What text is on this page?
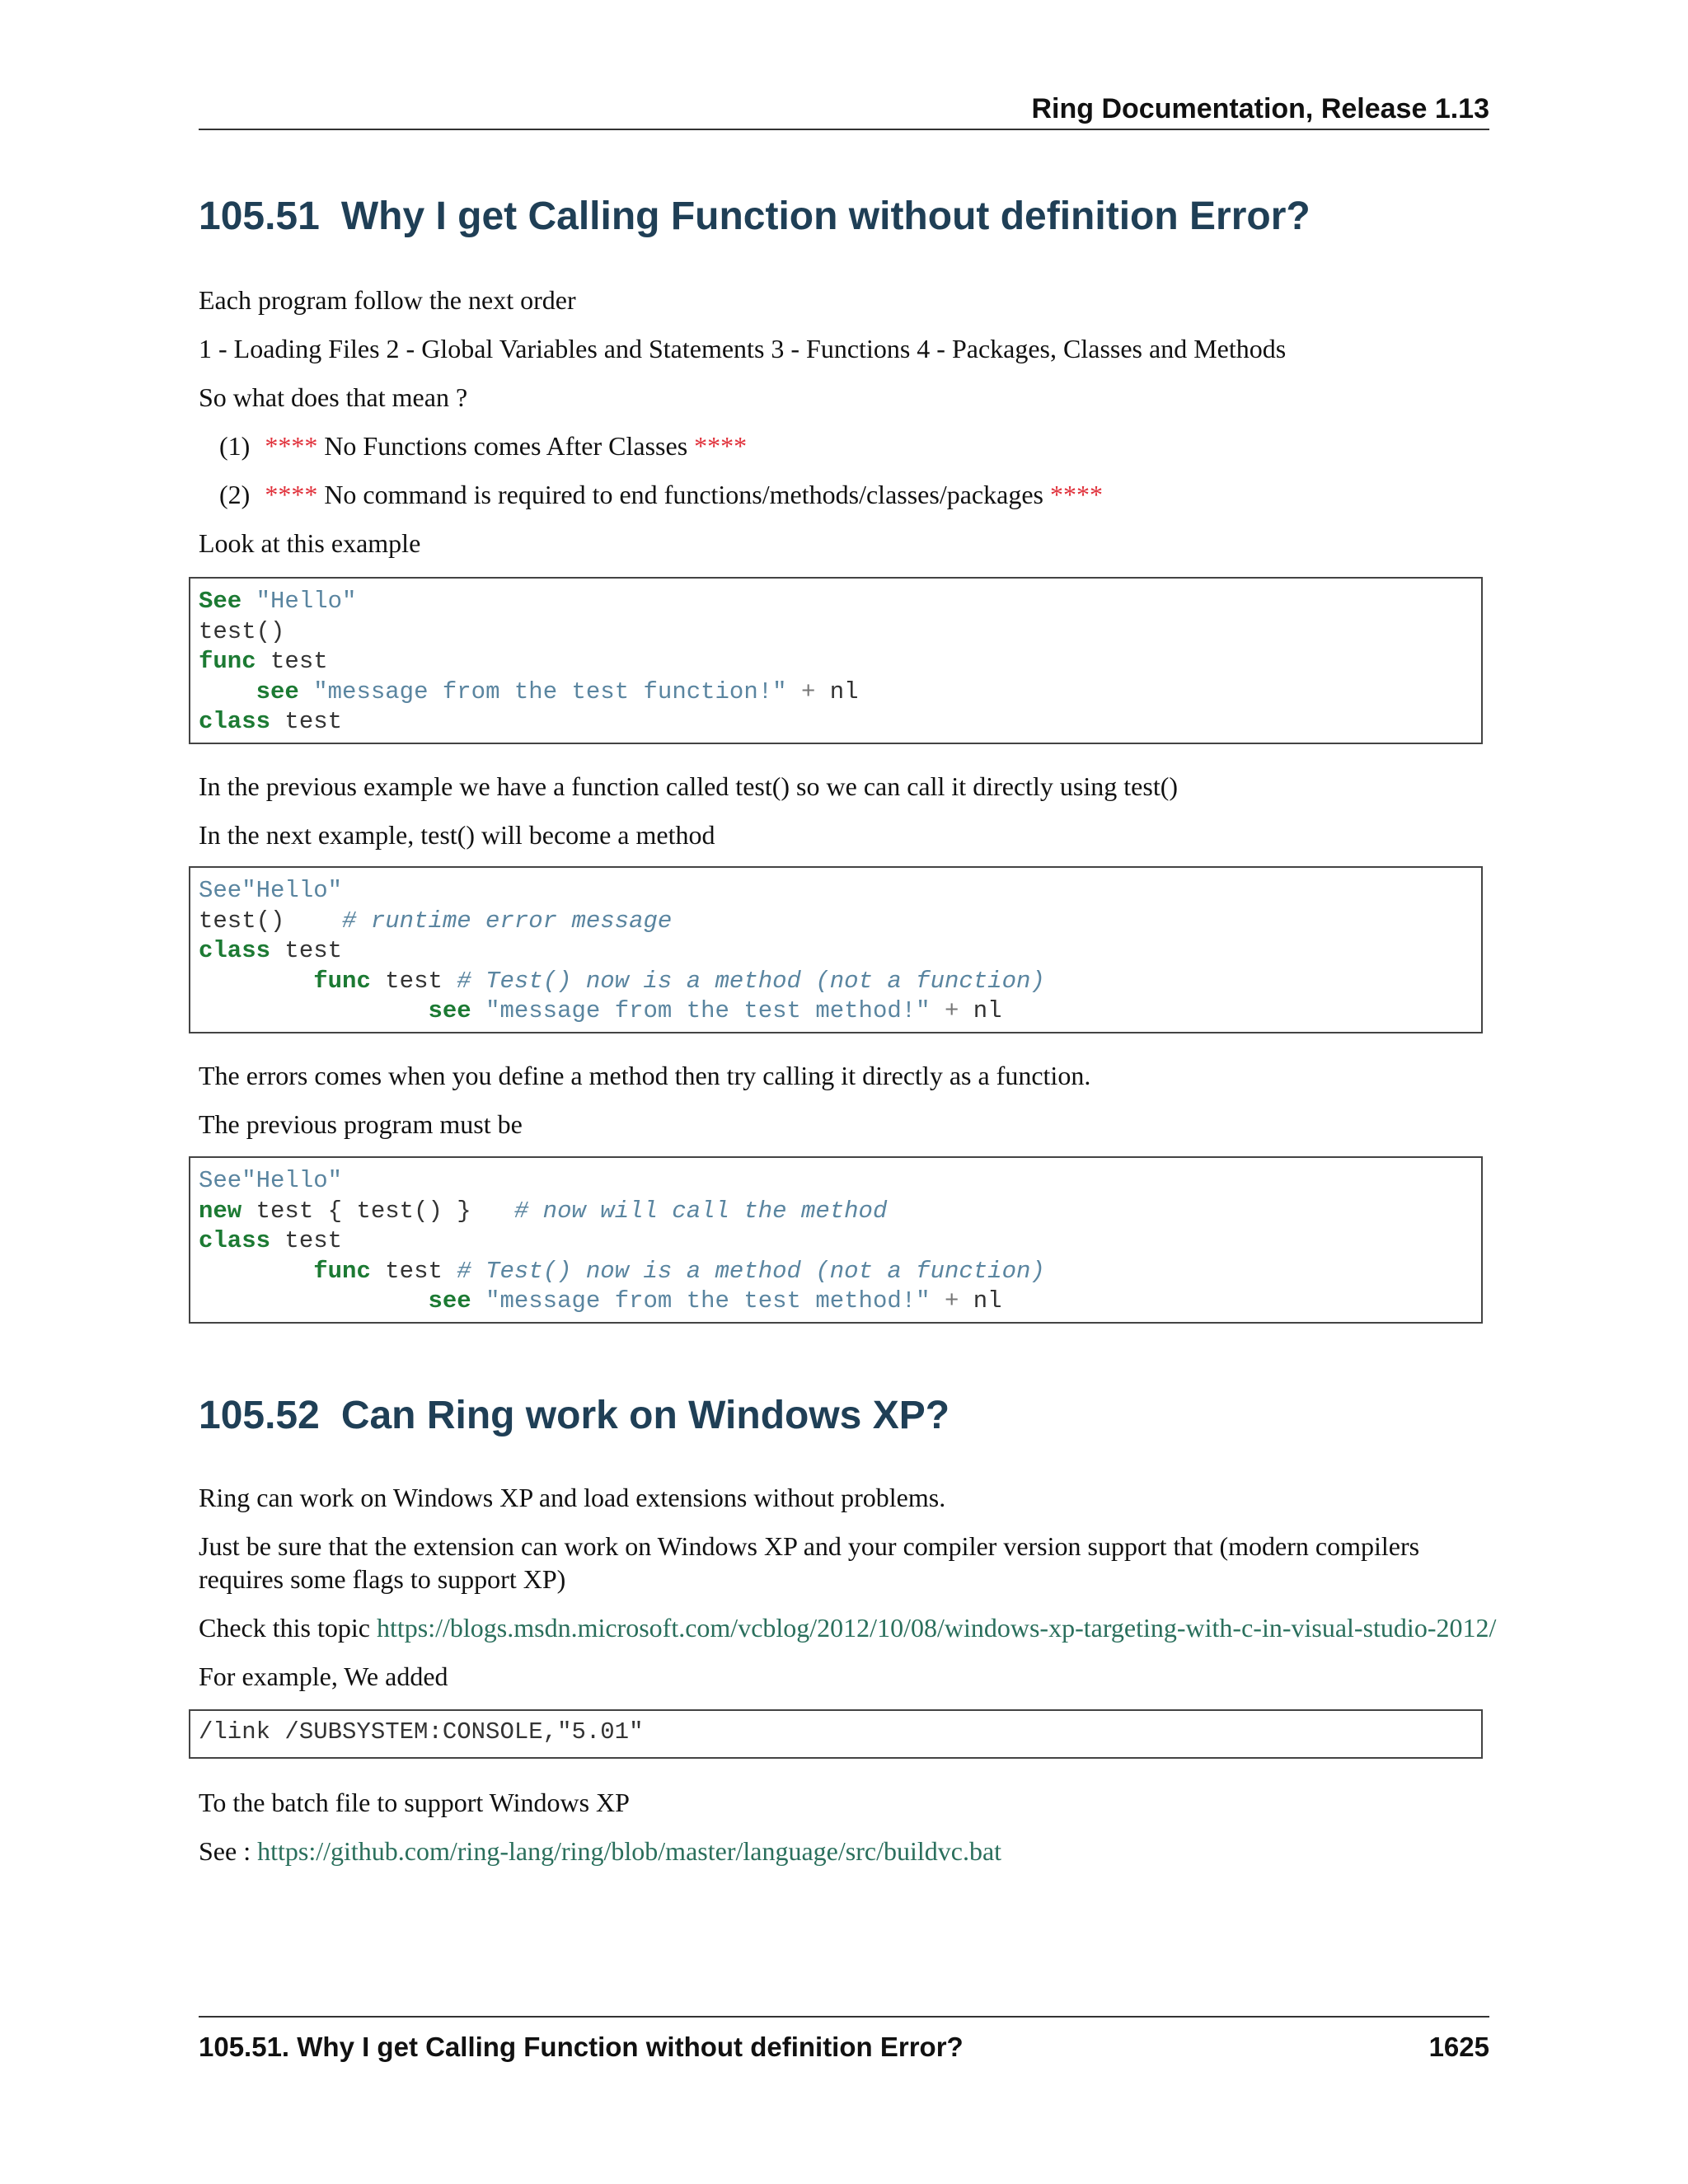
Ring Documentation, Release 1.13
105.51 Why I get Calling Function without definition Error?

Each program follow the next order

1 - Loading Files 2 - Global Variables and Statements 3 - Functions 4 - Packages, Classes and Methods

So what does that mean ?

(1) **** No Functions comes After Classes ****
(2) **** No command is required to end functions/methods/classes/packages ****

Look at this example

See "Hello"
test()
func test
see "message from the test function!" + nl
class test

In the previous example we have a function called test() so we can call it directly using test()

In the next example, test() will become a method

See"Hello"
test()    # runtime error message
class test
func test # Test() now is a method (not a function)
see "message from the test method!" + nl

The errors comes when you define a method then try calling it directly as a function.

The previous program must be

See"Hello"
new test { test() }   # now will call the method
class test
func test # Test() now is a method (not a function)
see "message from the test method!" + nl
105.52 Can Ring work on Windows XP?

Ring can work on Windows XP and load extensions without problems.

Just be sure that the extension can work on Windows XP and your compiler version support that (modern compilers requires some flags to support XP)

Check this topic https://blogs.msdn.microsoft.com/vcblog/2012/10/08/windows-xp-targeting-with-c-in-visual-studio-2012/

For example, We added

/link /SUBSYSTEM:CONSOLE,"5.01"

To the batch file to support Windows XP

See : https://github.com/ring-lang/ring/blob/master/language/src/buildvc.bat

105.51. Why I get Calling Function without definition Error?	1625
